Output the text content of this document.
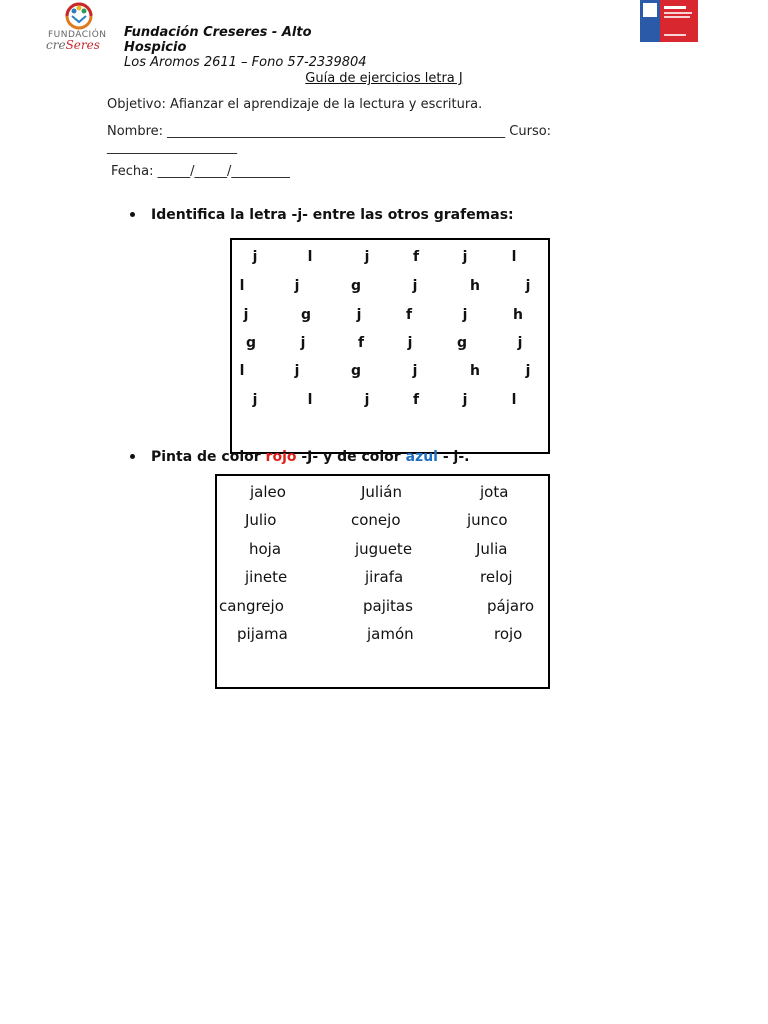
FUNDACIÓN
creSeres
Fundación Creseres - Alto
Hospicio
Los Aromos 2611 – Fono 57-2339804
Guía de ejercicios letra J
Objetivo: Afianzar el aprendizaje de la lectura y escritura.
Nombre: ____________________________________________________ Curso:
____________________
Fecha: _____/_____/_________
Identifica la letra -j- entre las otros grafemas:
j	l	j	f	j	l
l	j	g	j	h	j
j	g	j	f	j	h
g	j	f	j	g	j
l	j	g	j	h	j
j	l	j	f	j	l
Pinta de color rojo -J- y de color azul - j-.
jaleo	Julián	jota
Julio	conejo	junco
hoja	juguete	Julia
jinete	jirafa	reloj
cangrejo	pajitas	pájaro
pijama	jamón	rojo
